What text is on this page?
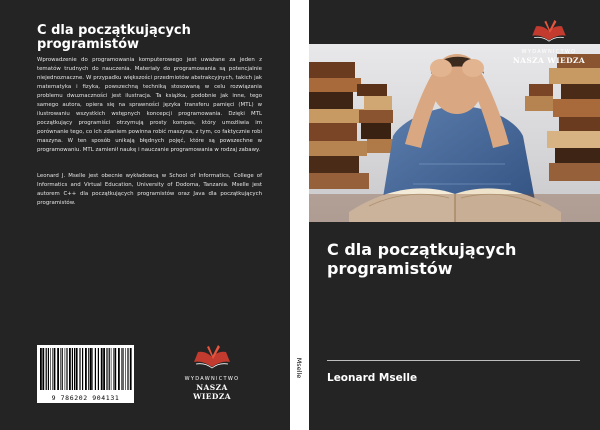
C dla początkujących programistów

Wprowadzenie do programowania komputerowego jest uważane za jeden z tematów trudnych do nauczenia. Materiały do programowania są potencjalnie niejednoznaczne. W przypadku większości przedmiotów abstrakcyjnych, takich jak matematyka i fizyka, powszechną techniką stosowaną w celu rozwiązania problemu dwuznaczności jest ilustracja. Ta książka, podobnie jak inne, tego samego autora, opiera się na sprawności języka transferu pamięci (MTL) w ilustrowaniu wszystkich wstępnych koncepcji programowania. Dzięki MTL początkujący programiści otrzymują prosty kompas, który umożliwia im porównanie tego, co ich zdaniem powinna robić maszyna, z tym, co faktycznie robi maszyna. W ten sposób unikają błędnych pojęć, które są powszechne w programowaniu. MTL zamienił naukę i nauczanie programowania w rodzaj zabawy.

Leonard J. Mselle jest obecnie wykładowcą w School of Informatics, College of Informatics and Virtual Education, University of Dodoma, Tanzania. Mselle jest autorem C++ dla początkujących programistów oraz Java dla początkujących programistów.

9 786202 904131
WYDAWNICTWO
NASZA WIEDZA
Mselle
WYDAWNICTWO
NASZA WIEDZA
C dla początkujących programistów
Leonard Mselle
